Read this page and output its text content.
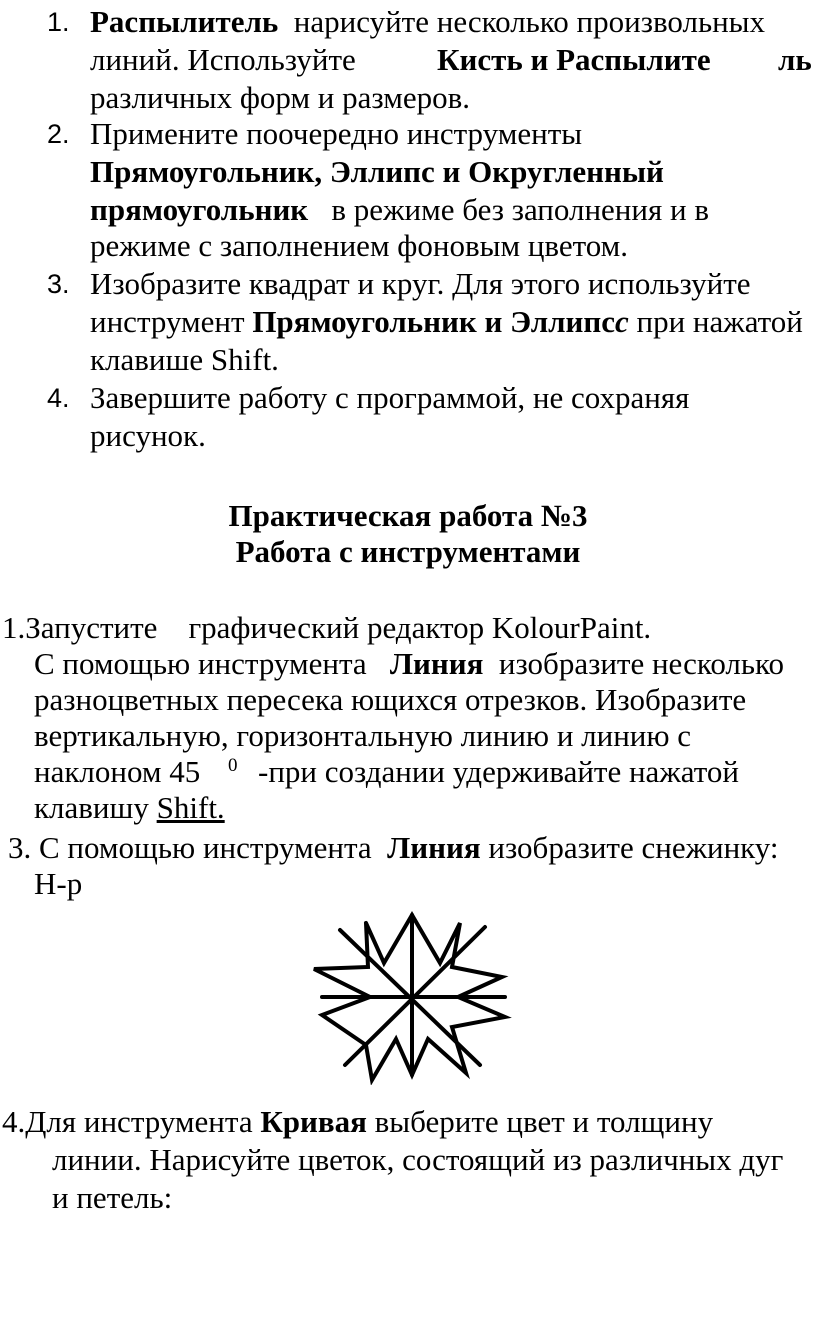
1. Распылитель нарисуйте несколько произвольных
линий. Используйте	Кисть и Распылите ль
различных форм и размеров.
2. Примените поочередно инструменты
Прямоугольник, Эллипс и Округленный
прямоугольник в режиме без заполнения и в
режиме с заполнением фоновым цветом.
3. Изобразите квадрат и круг. Для этого используйте
инструмент Прямоугольник и Эллипсс при нажатой
клавише Shift.
4. Завершите работу с программой, не сохраняя
рисунок.
Практическая работа №3
Работа с инструментами
1.Запустите графический редактор KolourPaint.
С помощью инструмента Линия изобразите несколько
разноцветных пересека ющихся отрезков. Изобразите
вертикальную, горизонтальную линию и линию с
наклоном 45 0 -при создании удерживайте нажатой
клавишу Shift.
3. С помощью инструмента Линия изобразите снежинку:
Н-р
4.Для инструмента Кривая выберите цвет и толщину
линии. Нарисуйте цветок, состоящий из различных дуг
и петель:
